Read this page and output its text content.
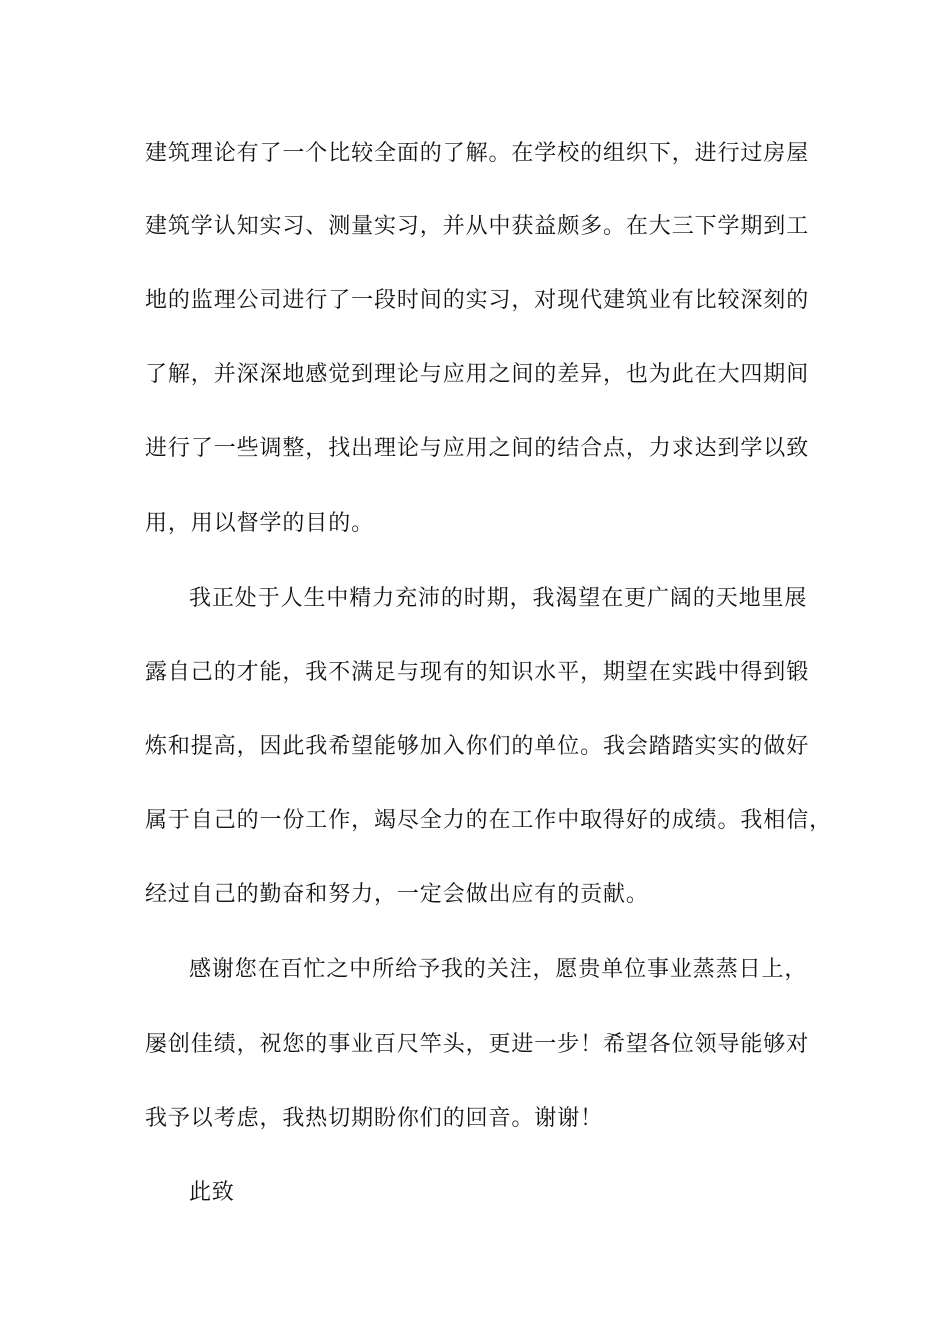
建筑理论有了一个比较全面的了解。在学校的组织下，进行过房屋
建筑学认知实习、测量实习，并从中获益颇多。在大三下学期到工
地的监理公司进行了一段时间的实习，对现代建筑业有比较深刻的
了解，并深深地感觉到理论与应用之间的差异，也为此在大四期间
进行了一些调整，找出理论与应用之间的结合点，力求达到学以致
用，用以督学的目的。
我正处于人生中精力充沛的时期，我渴望在更广阔的天地里展
露自己的才能，我不满足与现有的知识水平，期望在实践中得到锻
炼和提高，因此我希望能够加入你们的单位。我会踏踏实实的做好
属于自己的一份工作，竭尽全力的在工作中取得好的成绩。我相信，
经过自己的勤奋和努力，一定会做出应有的贡献。
感谢您在百忙之中所给予我的关注，愿贵单位事业蒸蒸日上，
屡创佳绩，祝您的事业百尺竿头，更进一步！希望各位领导能够对
我予以考虑，我热切期盼你们的回音。谢谢！
此致
